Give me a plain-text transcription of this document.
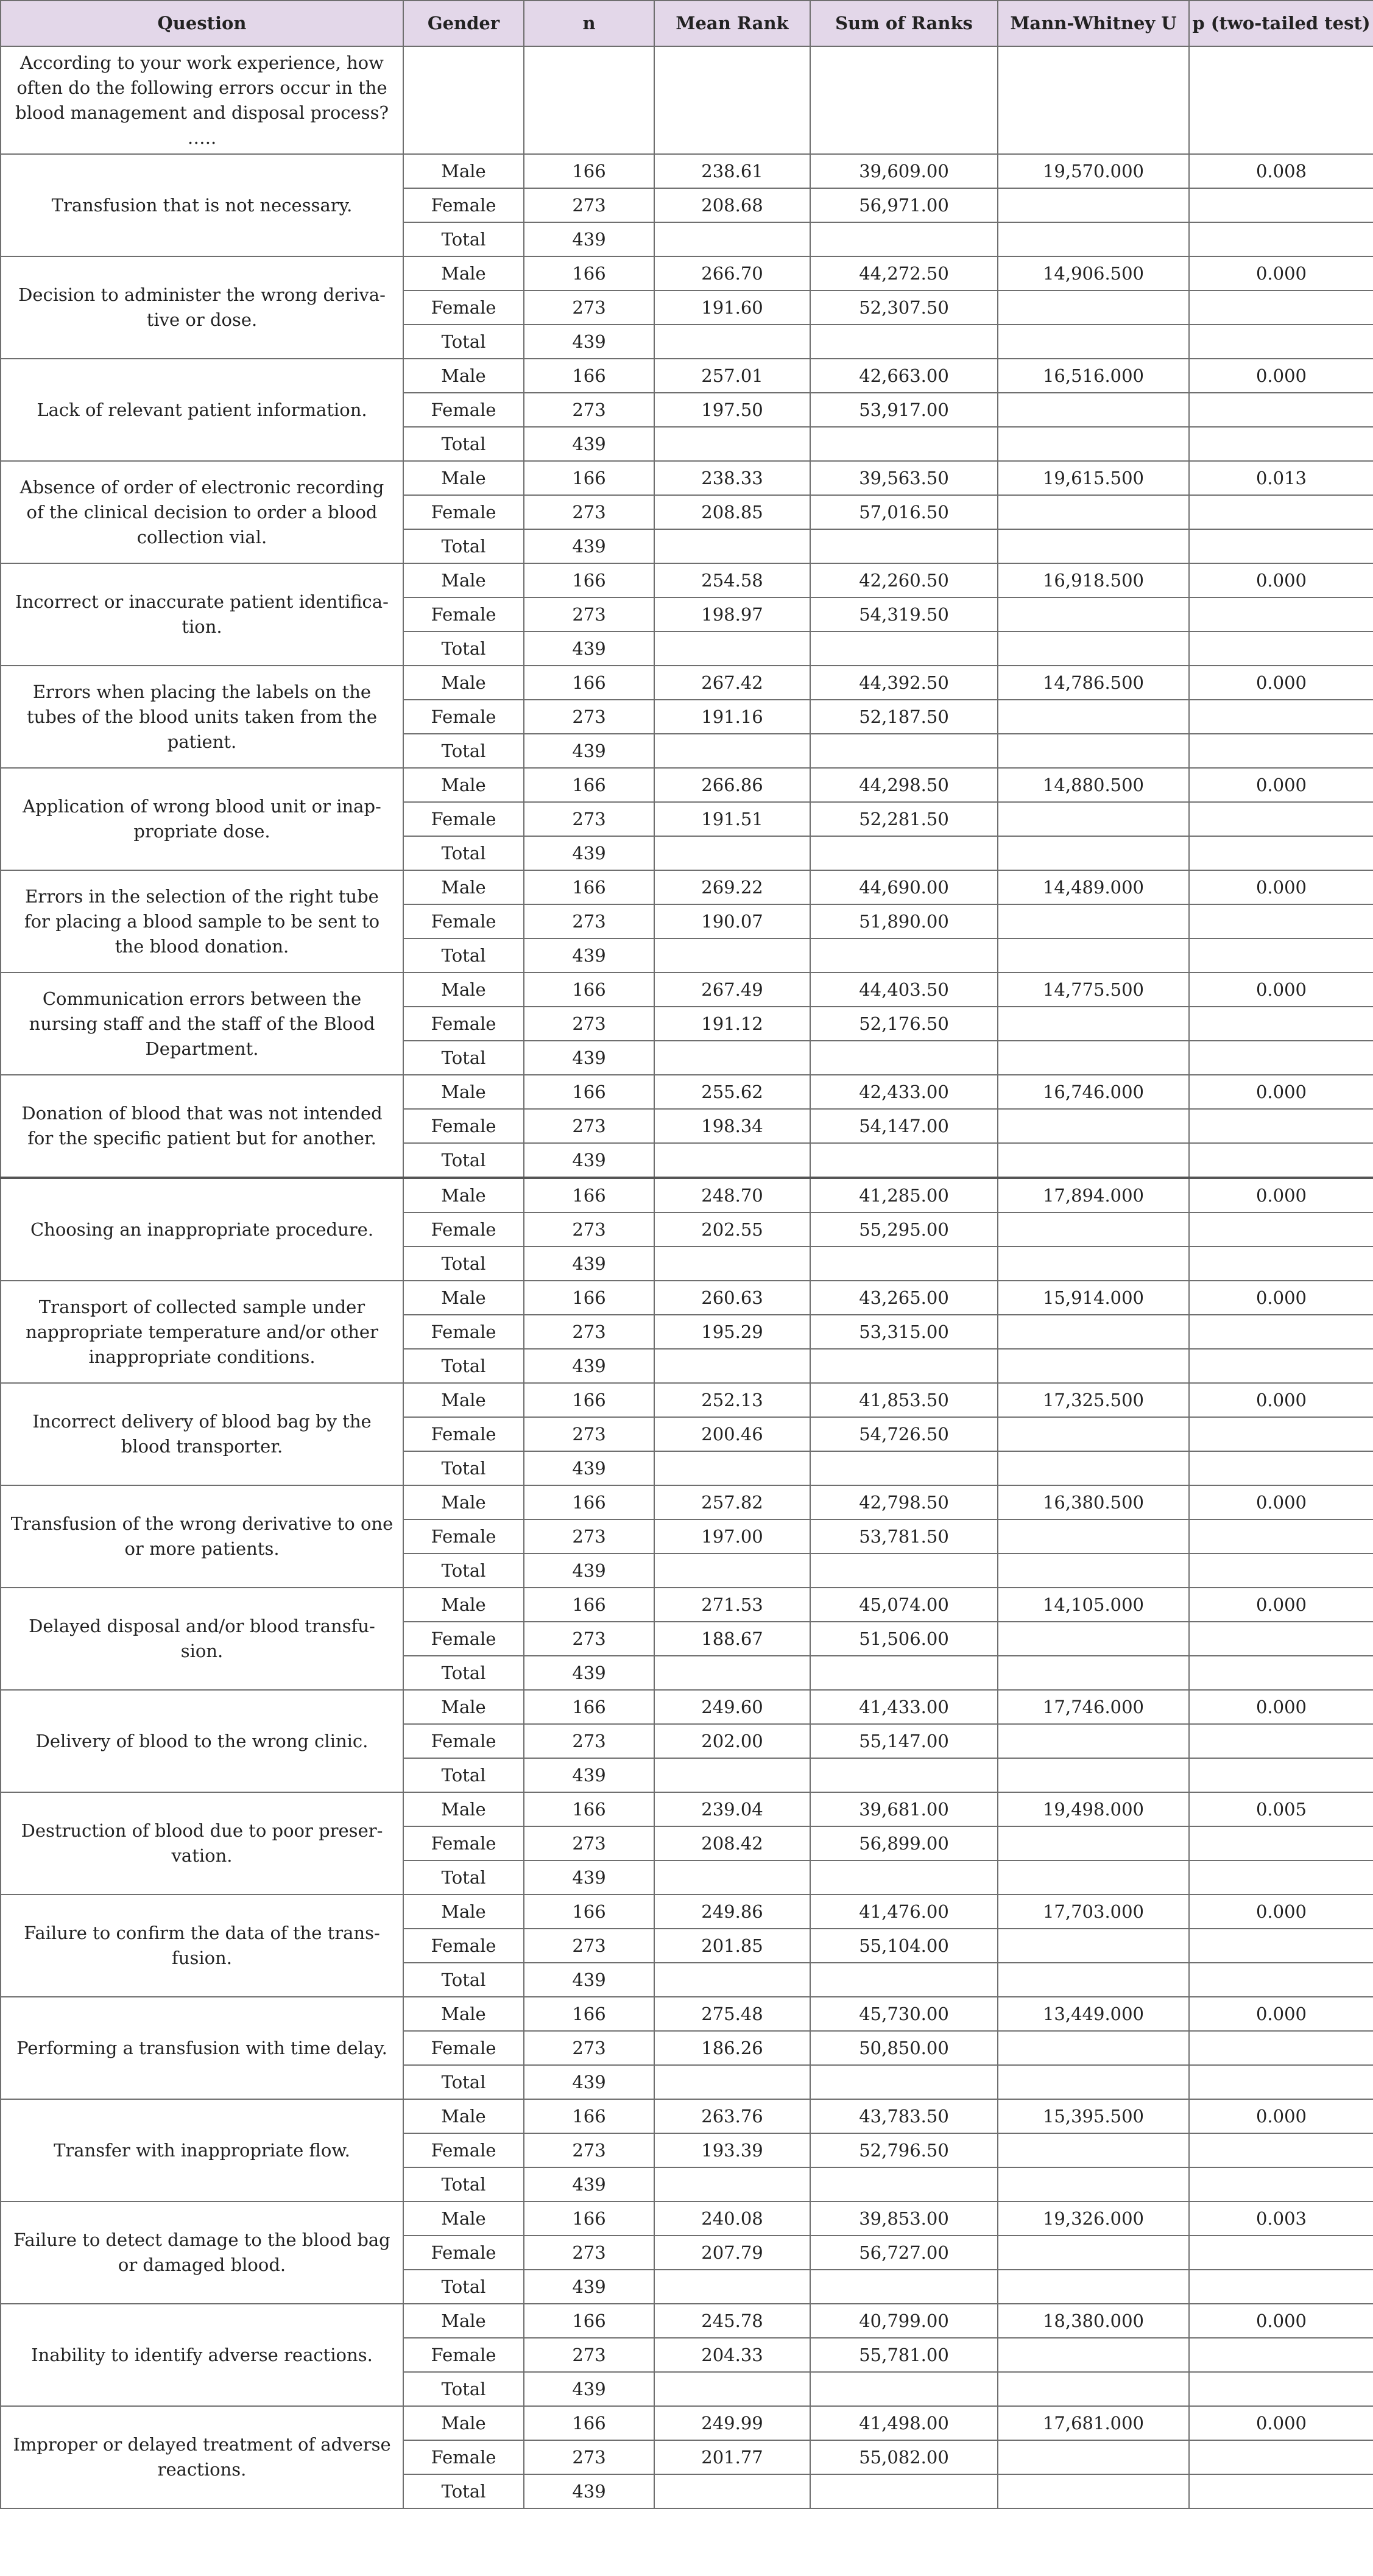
Question	Gender	n	Mean Rank	Sum of Ranks	Mann-Whitney U	p (two-tailed test)
According to your work experience, how often do the following errors occur in the blood management and disposal process? …..						
Transfusion that is not necessary.	Male	166	238.61	39,609.00	19,570.000	0.008
	Female	273	208.68	56,971.00		
	Total	439				
Decision to administer the wrong deriva-tive or dose.	Male	166	266.70	44,272.50	14,906.500	0.000
	Female	273	191.60	52,307.50		
	Total	439				
Lack of relevant patient information.	Male	166	257.01	42,663.00	16,516.000	0.000
	Female	273	197.50	53,917.00		
	Total	439				
Absence of order of electronic recording of the clinical decision to order a blood collection vial.	Male	166	238.33	39,563.50	19,615.500	0.013
	Female	273	208.85	57,016.50		
	Total	439				
Incorrect or inaccurate patient identifica-tion.	Male	166	254.58	42,260.50	16,918.500	0.000
	Female	273	198.97	54,319.50		
	Total	439				
Errors when placing the labels on the tubes of the blood units taken from the patient.	Male	166	267.42	44,392.50	14,786.500	0.000
	Female	273	191.16	52,187.50		
	Total	439				
Application of wrong blood unit or inap-propriate dose.	Male	166	266.86	44,298.50	14,880.500	0.000
	Female	273	191.51	52,281.50		
	Total	439				
Errors in the selection of the right tube for placing a blood sample to be sent to the blood donation.	Male	166	269.22	44,690.00	14,489.000	0.000
	Female	273	190.07	51,890.00		
	Total	439				
Communication errors between the nursing staff and the staff of the Blood Department.	Male	166	267.49	44,403.50	14,775.500	0.000
	Female	273	191.12	52,176.50		
	Total	439				
Donation of blood that was not intended for the specific patient but for another.	Male	166	255.62	42,433.00	16,746.000	0.000
	Female	273	198.34	54,147.00		
	Total	439				
Choosing an inappropriate procedure.	Male	166	248.70	41,285.00	17,894.000	0.000
	Female	273	202.55	55,295.00		
	Total	439				
Transport of collected sample under nappropriate temperature and/or other inappropriate conditions.	Male	166	260.63	43,265.00	15,914.000	0.000
	Female	273	195.29	53,315.00		
	Total	439				
Incorrect delivery of blood bag by the blood transporter.	Male	166	252.13	41,853.50	17,325.500	0.000
	Female	273	200.46	54,726.50		
	Total	439				
Transfusion of the wrong derivative to one or more patients.	Male	166	257.82	42,798.50	16,380.500	0.000
	Female	273	197.00	53,781.50		
	Total	439				
Delayed disposal and/or blood transfu-sion.	Male	166	271.53	45,074.00	14,105.000	0.000
	Female	273	188.67	51,506.00		
	Total	439				
Delivery of blood to the wrong clinic.	Male	166	249.60	41,433.00	17,746.000	0.000
	Female	273	202.00	55,147.00		
	Total	439				
Destruction of blood due to poor preser-vation.	Male	166	239.04	39,681.00	19,498.000	0.005
	Female	273	208.42	56,899.00		
	Total	439				
Failure to confirm the data of the trans-fusion.	Male	166	249.86	41,476.00	17,703.000	0.000
	Female	273	201.85	55,104.00		
	Total	439				
Performing a transfusion with time delay.	Male	166	275.48	45,730.00	13,449.000	0.000
	Female	273	186.26	50,850.00		
	Total	439				
Transfer with inappropriate flow.	Male	166	263.76	43,783.50	15,395.500	0.000
	Female	273	193.39	52,796.50		
	Total	439				
Failure to detect damage to the blood bag or damaged blood.	Male	166	240.08	39,853.00	19,326.000	0.003
	Female	273	207.79	56,727.00		
	Total	439				
Inability to identify adverse reactions.	Male	166	245.78	40,799.00	18,380.000	0.000
	Female	273	204.33	55,781.00		
	Total	439				
Improper or delayed treatment of adverse reactions.	Male	166	249.99	41,498.00	17,681.000	0.000
	Female	273	201.77	55,082.00		
	Total	439				
